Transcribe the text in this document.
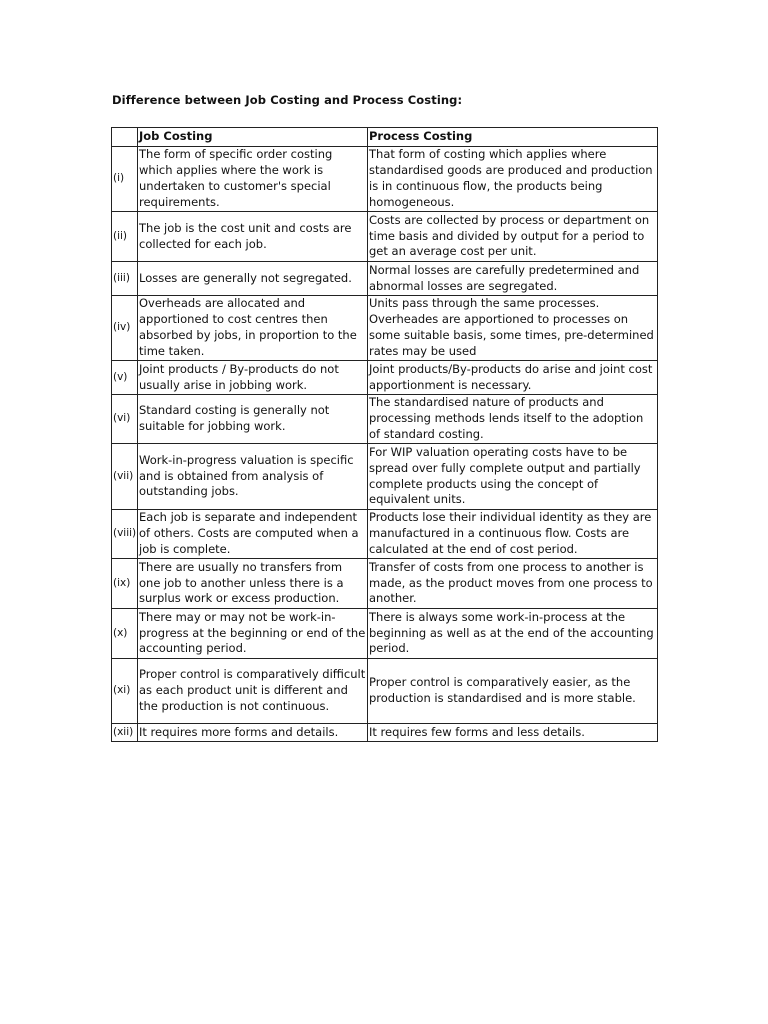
Difference between Job Costing and Process Costing:
	Job Costing	Process Costing
(i)	The form of specific order costing which applies where the work is undertaken to customer's special requirements.	That form of costing which applies where standardised goods are produced and production is in continuous flow, the products being homogeneous.
(ii)	The job is the cost unit and costs are collected for each job.	Costs are collected by process or department on time basis and divided by output for a period to get an average cost per unit.
(iii)	Losses are generally not segregated.	Normal losses are carefully predetermined and abnormal losses are segregated.
(iv)	Overheads are allocated and apportioned to cost centres then absorbed by jobs, in proportion to the time taken.	Units pass through the same processes. Overheades are apportioned to processes on some suitable basis, some times, pre-determined rates may be used
(v)	Joint products / By-products do not usually arise in jobbing work.	Joint products/By-products do arise and joint cost apportionment is necessary.
(vi)	Standard costing is generally not suitable for jobbing work.	The standardised nature of products and processing methods lends itself to the adoption of standard costing.
(vii)	Work-in-progress valuation is specific and is obtained from analysis of outstanding jobs.	For WIP valuation operating costs have to be spread over fully complete output and partially complete products using the concept of equivalent units.
(viii)	Each job is separate and independent of others. Costs are computed when a job is complete.	Products lose their individual identity as they are manufactured in a continuous flow. Costs are calculated at the end of cost period.
(ix)	There are usually no transfers from one job to another unless there is a surplus work or excess production.	Transfer of costs from one process to another is made, as the product moves from one process to another.
(x)	There may or may not be work-in-progress at the beginning or end of the accounting period.	There is always some work-in-process at the beginning as well as at the end of the accounting period.
(xi)	Proper control is comparatively difficult as each product unit is different and the production is not continuous.	Proper control is comparatively easier, as the production is standardised and is more stable.
(xii)	It requires more forms and details.	It requires few forms and less details.
